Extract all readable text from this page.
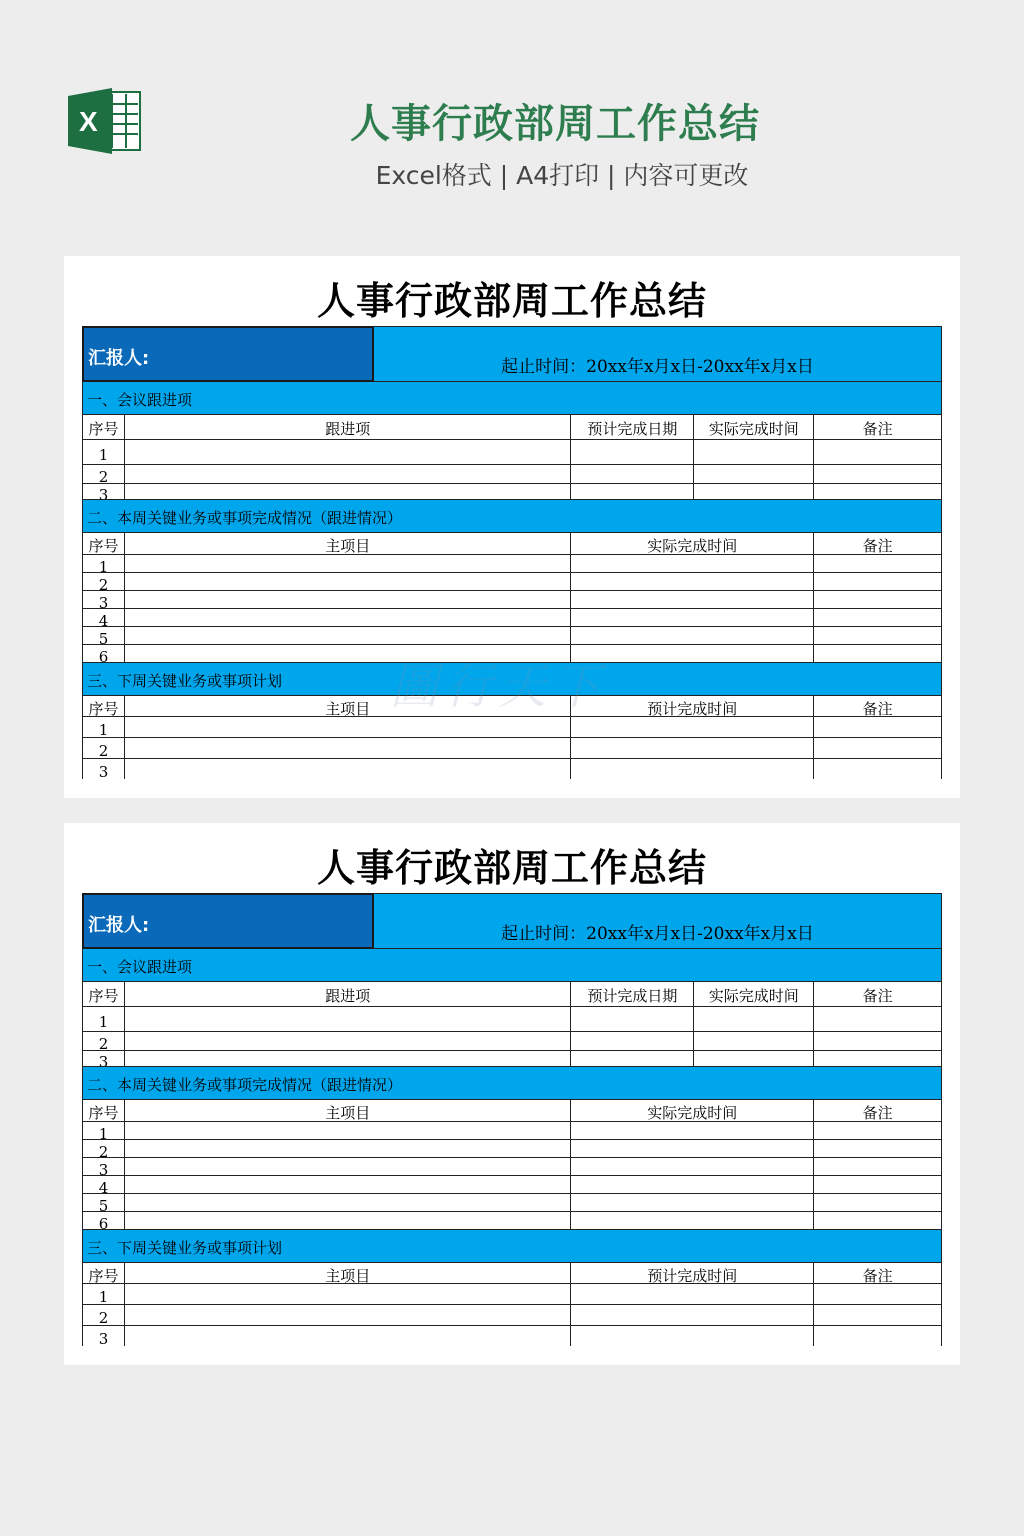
X	人事行政部周工作总结
Excel格式 | A4打印 | 内容可更改
人事行政部周工作总结
汇报人:	起止时间：20xx年x月x日-20xx年x月x日
一、会议跟进项
序号	跟进项	预计完成日期	实际完成时间	备注
1
2
3
二、本周关键业务或事项完成情况（跟进情况）
序号	主项目	实际完成时间	备注
1
2
3
4
5
6
三、下周关键业务或事项计划
序号	主项目	预计完成时间	备注
1
2
3
人事行政部周工作总结
汇报人:	起止时间：20xx年x月x日-20xx年x月x日
一、会议跟进项
序号	跟进项	预计完成日期	实际完成时间	备注
1
2
3
二、本周关键业务或事项完成情况（跟进情况）
序号	主项目	实际完成时间	备注
1
2
3
4
5
6
三、下周关键业务或事项计划
序号	主项目	预计完成时间	备注
1
2
3
圖行天下
